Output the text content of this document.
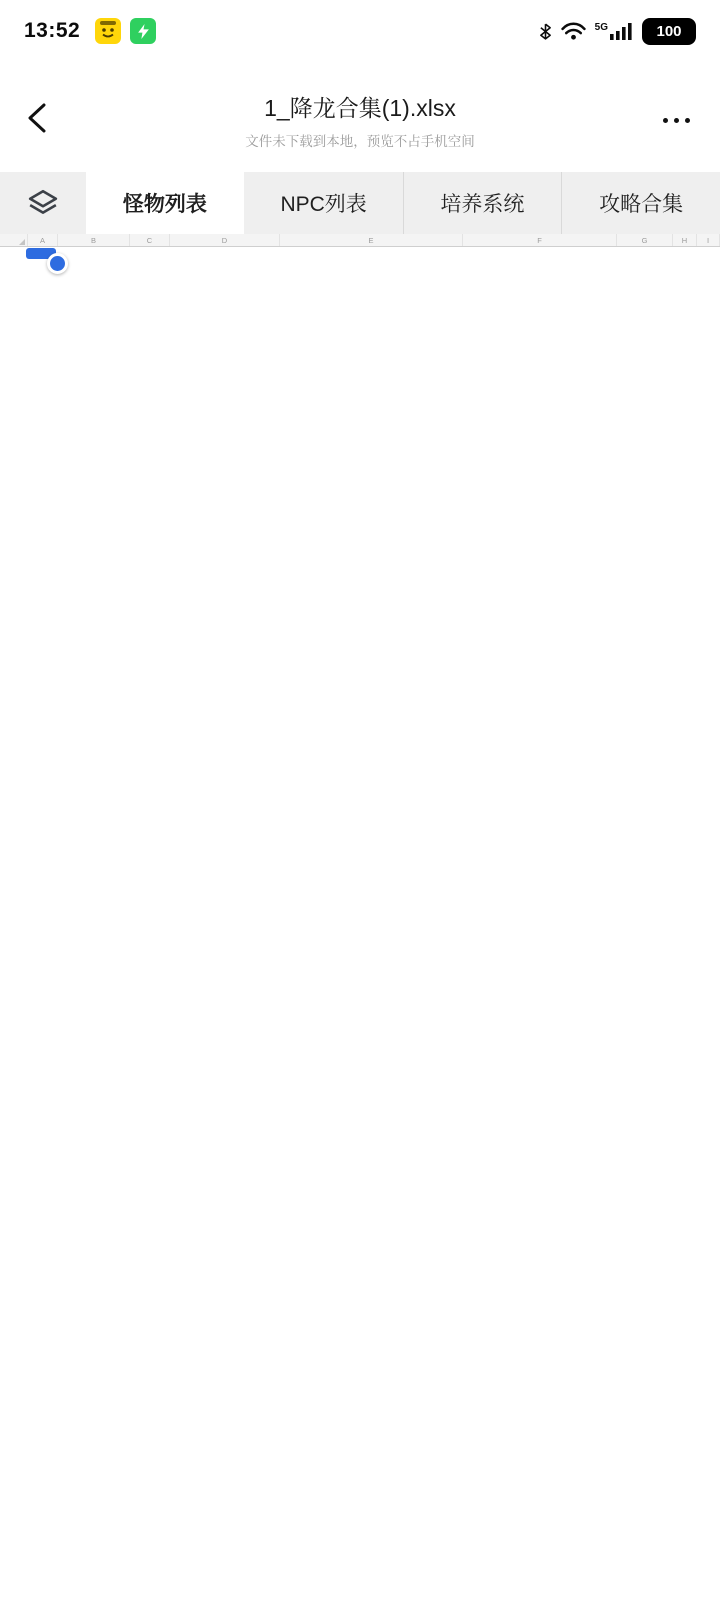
13:52	5G	100
1_降龙合集(1).xlsx
文件未下载到本地，预览不占手机空间
怪物列表	NPC列表	培养系统	攻略合集
A	B	C	D	E	F	G	H	I
